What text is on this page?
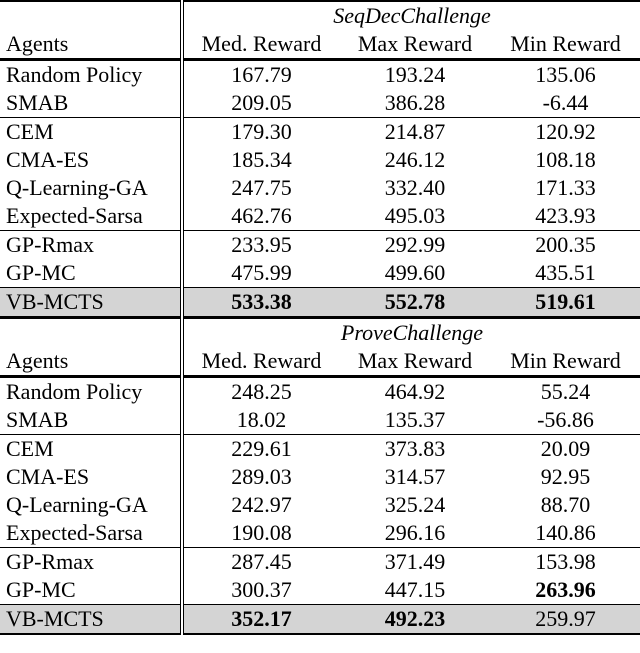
	SeqDecChallenge		
Agents	Med. Reward	Max Reward	Min Reward
Random Policy	167.79	193.24	135.06
SMAB	209.05	386.28	-6.44
CEM	179.30	214.87	120.92
CMA-ES	185.34	246.12	108.18
Q-Learning-GA	247.75	332.40	171.33
Expected-Sarsa	462.76	495.03	423.93
GP-Rmax	233.95	292.99	200.35
GP-MC	475.99	499.60	435.51
VB-MCTS	533.38	552.78	519.61
	ProveChallenge		
Agents	Med. Reward	Max Reward	Min Reward
Random Policy	248.25	464.92	55.24
SMAB	18.02	135.37	-56.86
CEM	229.61	373.83	20.09
CMA-ES	289.03	314.57	92.95
Q-Learning-GA	242.97	325.24	88.70
Expected-Sarsa	190.08	296.16	140.86
GP-Rmax	287.45	371.49	153.98
GP-MC	300.37	447.15	263.96
VB-MCTS	352.17	492.23	259.97
